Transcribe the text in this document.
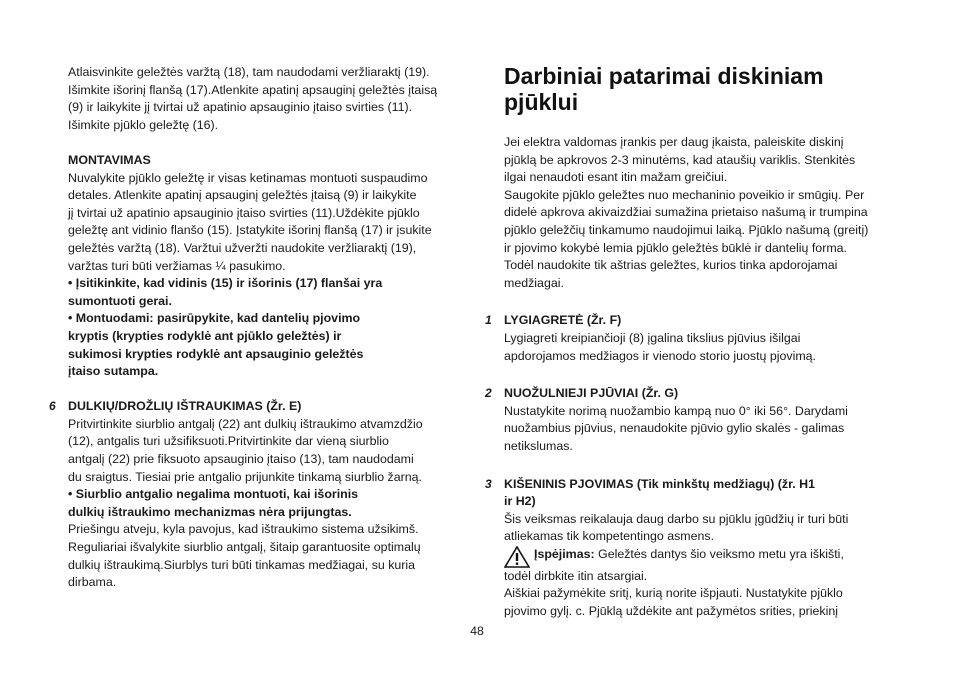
Atlaisvinkite geležtės varžtą (18), tam naudodami veržliaraktį (19).

Išimkite išorinį flanšą (17).Atlenkite apatinį apsauginį geležtės įtaisą

(9) ir laikykite jį tvirtai už apatinio apsauginio įtaiso svirties (11).

Išimkite pjūklo geležtę (16).

MONTAVIMAS

Nuvalykite pjūklo geležtę ir visas ketinamas montuoti suspaudimo

detales. Atlenkite apatinį apsauginį geležtės įtaisą (9) ir laikykite

jį tvirtai už apatinio apsauginio įtaiso svirties (11).Uždėkite pjūklo

geležtę ant vidinio flanšo (15). Įstatykite išorinį flanšą (17) ir įsukite

geležtės varžtą (18). Varžtui užveržti naudokite veržliaraktį (19),

varžtas turi būti veržiamas ¼ pasukimo.

• Įsitikinkite, kad vidinis (15) ir išorinis (17) flanšai yra

sumontuoti gerai.

• Montuodami: pasirūpykite, kad dantelių pjovimo

kryptis (krypties rodyklė ant pjūklo geležtės) ir

sukimosi krypties rodyklė ant apsauginio geležtės

įtaiso sutampa.

6 DULKIŲ/DROŽLIŲ IŠTRAUKIMAS (Žr. E)

Pritvirtinkite siurblio antgalį (22) ant dulkių ištraukimo atvamzdžio

(12), antgalis turi užsifiksuoti.Pritvirtinkite dar vieną siurblio

antgalį (22) prie fiksuoto apsauginio įtaiso (13), tam naudodami

du sraigtus. Tiesiai prie antgalio prijunkite tinkamą siurblio žarną.

• Siurblio antgalio negalima montuoti, kai išorinis

dulkių ištraukimo mechanizmas nėra prijungtas.

Priešingu atveju, kyla pavojus, kad ištraukimo sistema užsikimš.

Reguliariai išvalykite siurblio antgalį, šitaip garantuosite optimalų

dulkių ištraukimą.Siurblys turi būti tinkamas medžiagai, su kuria

dirbama.

Darbiniai patarimai diskiniam

pjūklui

Jei elektra valdomas įrankis per daug įkaista, paleiskite diskinį

pjūklą be apkrovos 2-3 minutėms, kad ataušių variklis. Stenkitės

ilgai nenaudoti esant itin mažam greičiui.

Saugokite pjūklo geležtes nuo mechaninio poveikio ir smūgių. Per

didelė apkrova akivaizdžiai sumažina prietaiso našumą ir trumpina

pjūklo geležčių tinkamumo naudojimui laiką. Pjūklo našumą (greitį)

ir pjovimo kokybė lemia pjūklo geležtės būklė ir dantelių forma.

Todėl naudokite tik aštrias geležtes, kurios tinka apdorojamai

medžiagai.

1 LYGIAGRETĖ (Žr. F)

Lygiagreti kreipiančioji (8) įgalina tikslius pjūvius išilgai

apdorojamos medžiagos ir vienodo storio juostų pjovimą.

2 NUOŽULNIEJI PJŪVIAI (Žr. G)

Nustatykite norimą nuožambio kampą nuo 0° iki 56°. Darydami

nuožambius pjūvius, nenaudokite pjūvio gylio skalės - galimas

netikslumas.

3 KIŠENINIS PJOVIMAS (Tik minkštų medžiagų) (žr. H1

ir H2)

Šis veiksmas reikalauja daug darbo su pjūklu įgūdžių ir turi būti

atliekamas tik kompetentingo asmens.

Įspėjimas: Geležtės dantys šio veiksmo metu yra iškišti,

todėl dirbkite itin atsargiai.

Aiškiai pažymėkite sritį, kurią norite išpjauti. Nustatykite pjūklo

pjovimo gylį. c. Pjūklą uždėkite ant pažymėtos srities, priekinį

48
